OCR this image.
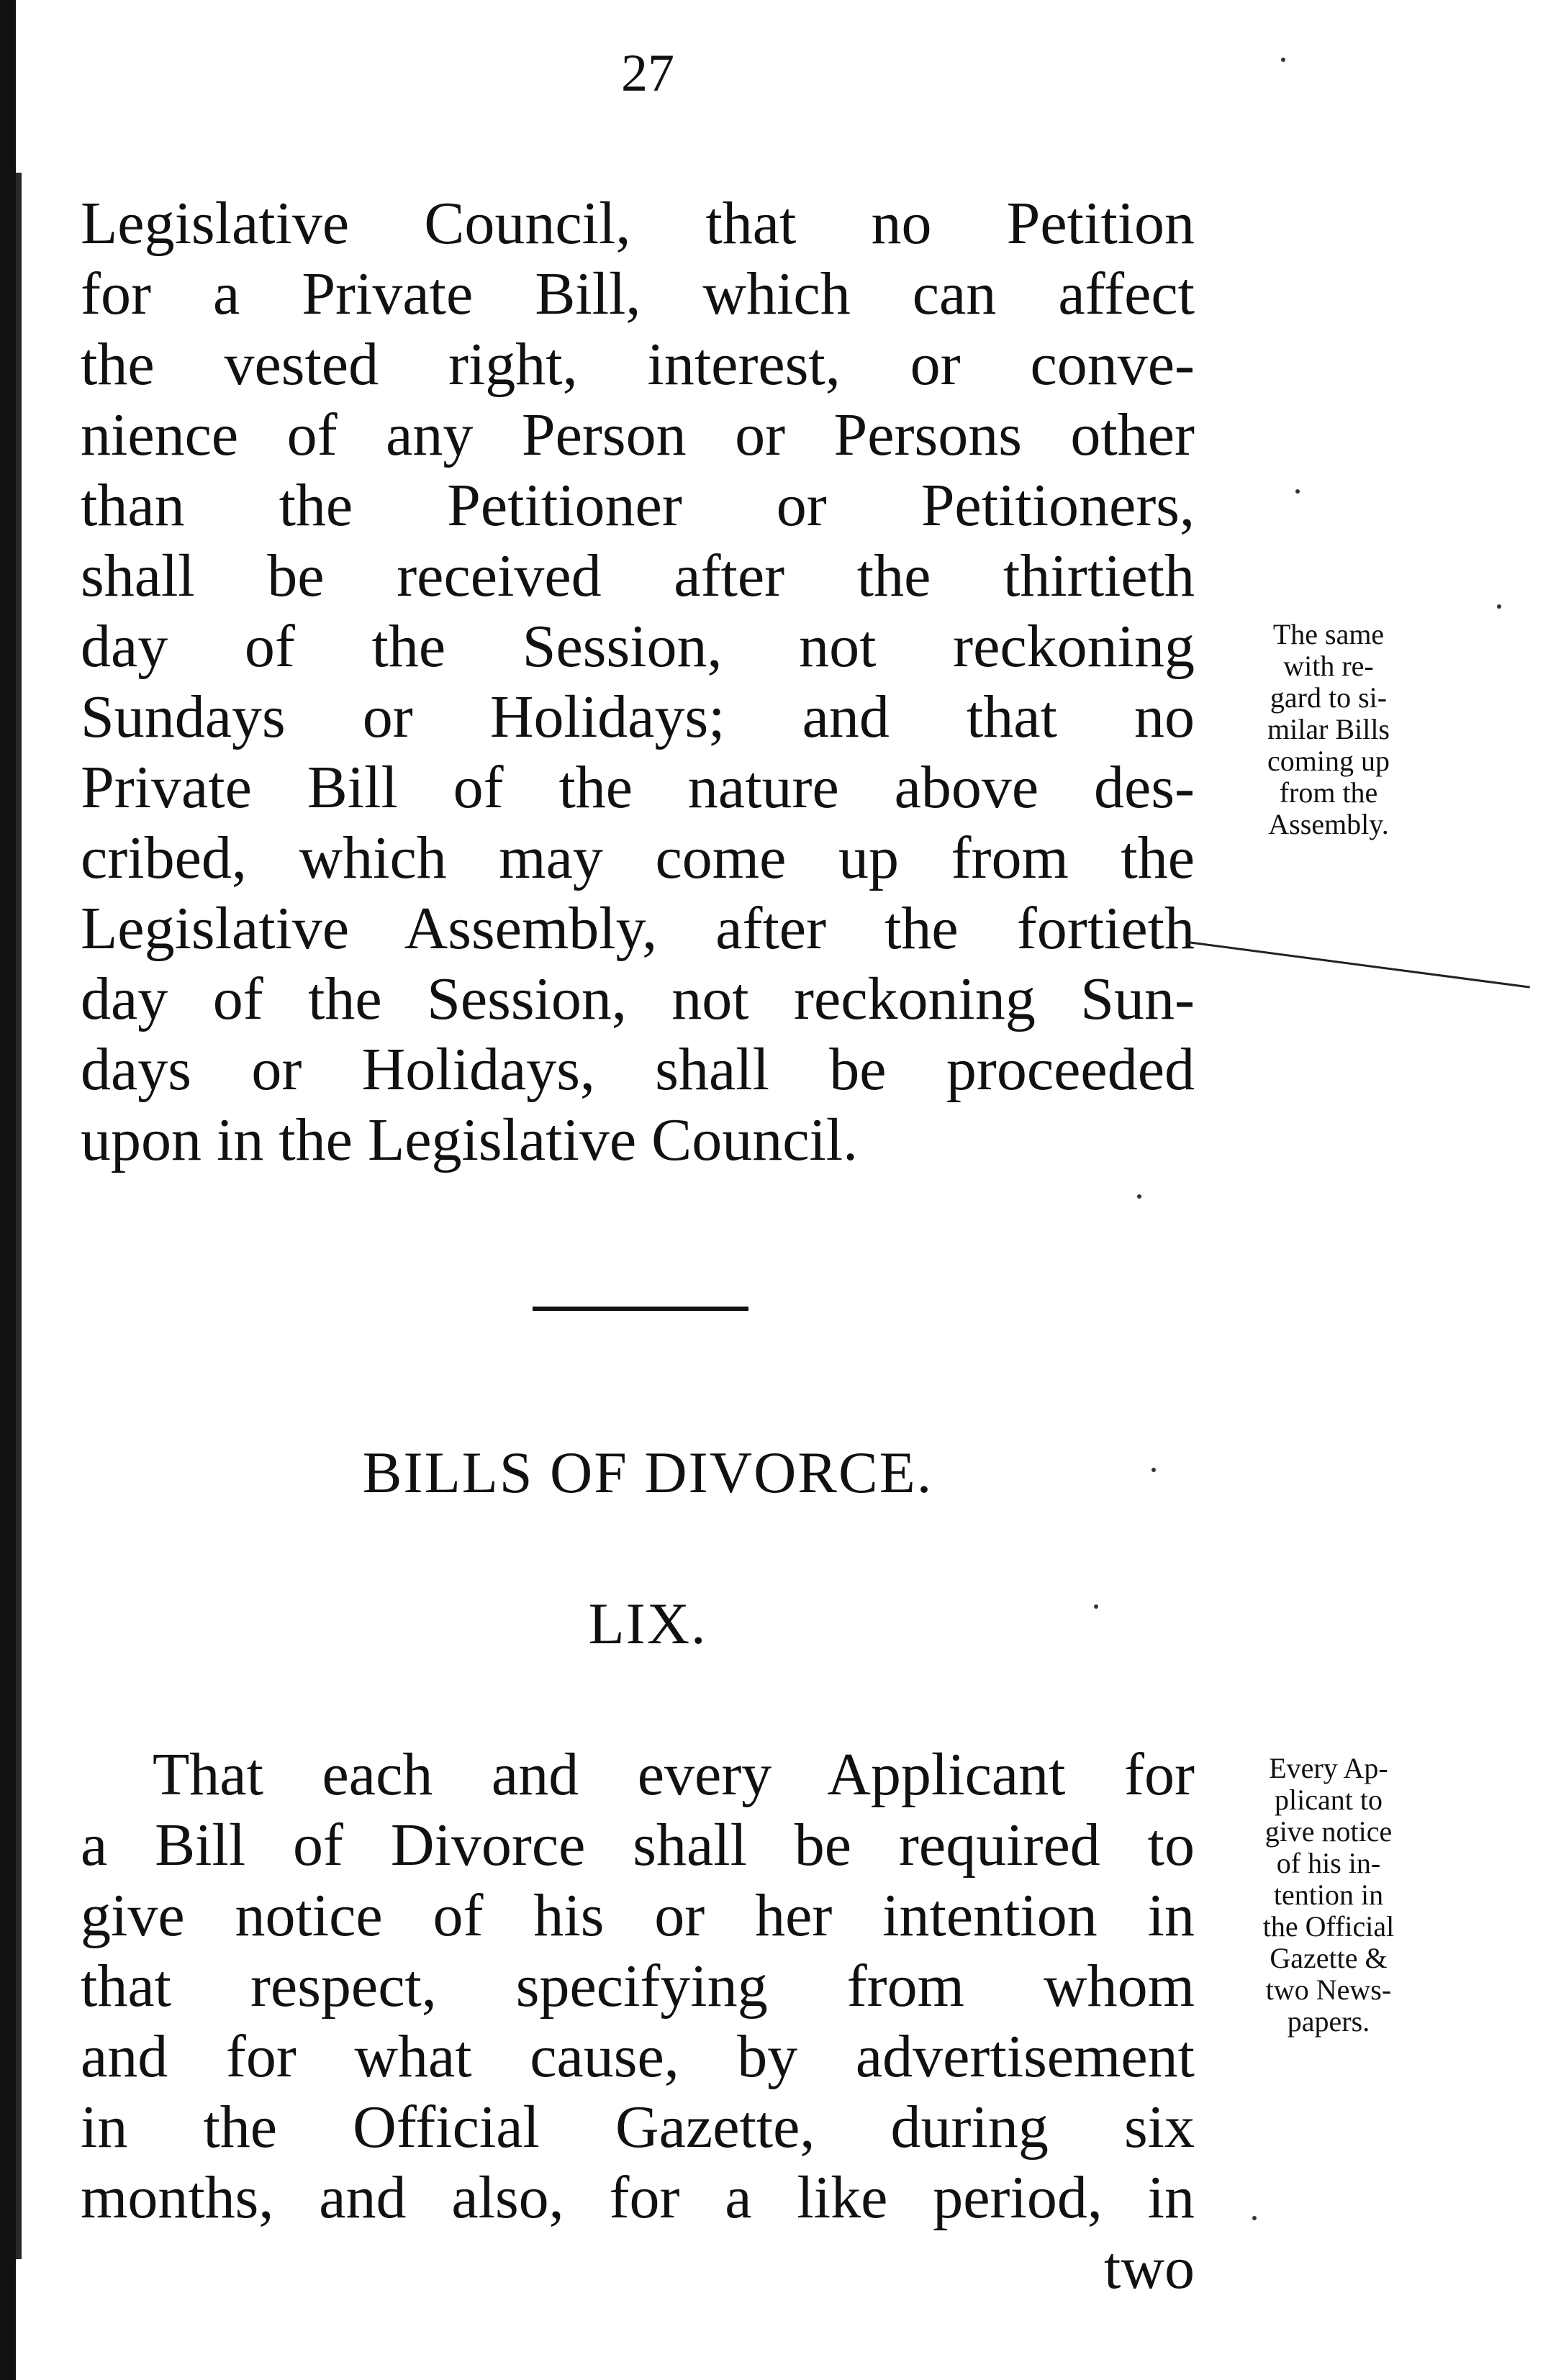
27

Legislative Council, that no Petition
for a Private Bill, which can affect
the vested right, interest, or conve-
nience of any Person or Persons other
than the Petitioner or Petitioners,
shall be received after the thirtieth
day of the Session, not reckoning
Sundays or Holidays; and that no
Private Bill of the nature above des-
cribed, which may come up from the
Legislative Assembly, after the fortieth
day of the Session, not reckoning Sun-
days or Holidays, shall be proceeded
upon in the Legislative Council.

The same
with re-
gard to si-
milar Bills
coming up
from the
Assembly.
BILLS OF DIVORCE.
LIX.

That each and every Applicant for
a Bill of Divorce shall be required to
give notice of his or her intention in
that respect, specifying from whom
and for what cause, by advertisement
in the Official Gazette, during six
months, and also, for a like period, in
two

Every Ap-
plicant to
give notice
of his in-
tention in
the Official
Gazette &
two News-
papers.
